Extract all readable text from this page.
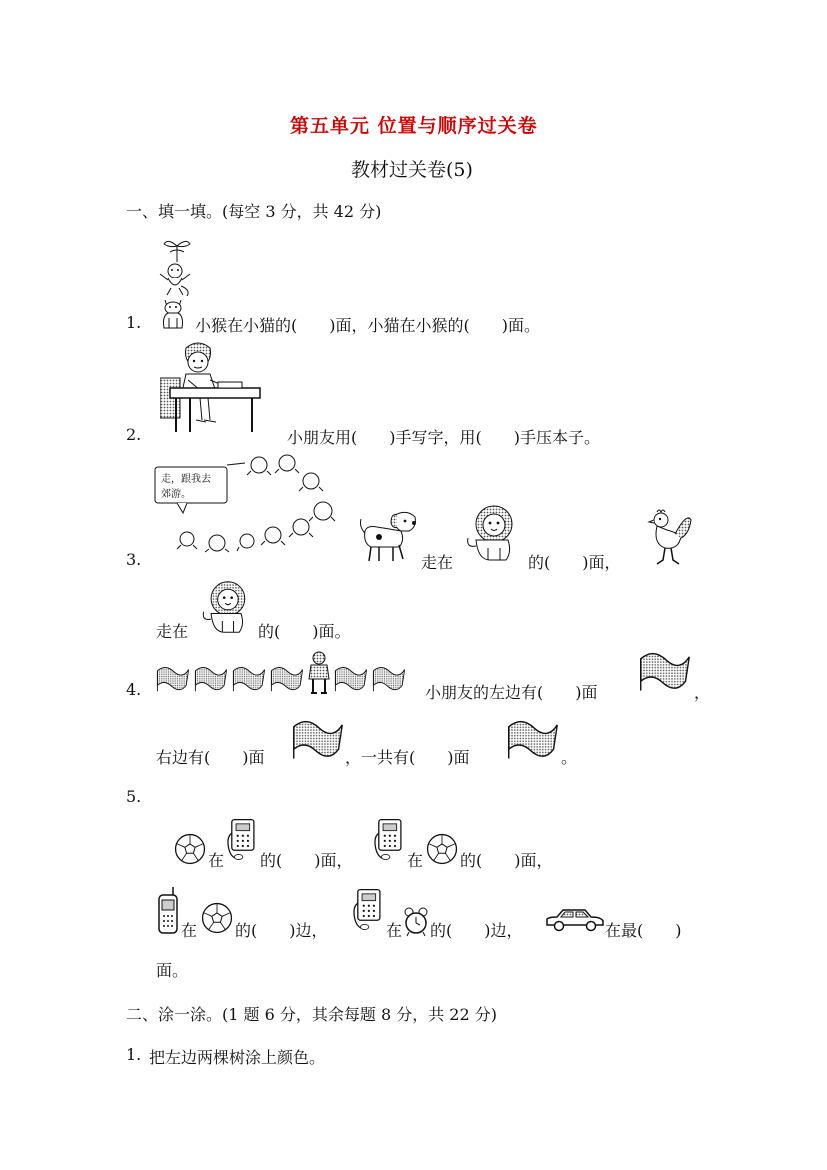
第五单元 位置与顺序过关卷
教材过关卷(5)
一、填一填。(每空 3 分，共 42 分)
1.	小猴在小猫的(　　)面，小猫在小猴的(　　)面。
2.	小朋友用(　　)手写字，用(　　)手压本子。
走，跟我去
郊游。
3.	走在	的(　　)面，
走在	的(　　)面。
4.	小朋友的左边有(　　)面	，
右边有(　　)面	，一共有(　　)面	。
5.
在 的(　　)面，	在 的(　　)面，
在 的(　　)边，	在 的(　　)边，	在最(　　)
面。
二、涂一涂。(1 题 6 分，其余每题 8 分，共 22 分)
1. 把左边两棵树涂上颜色。
